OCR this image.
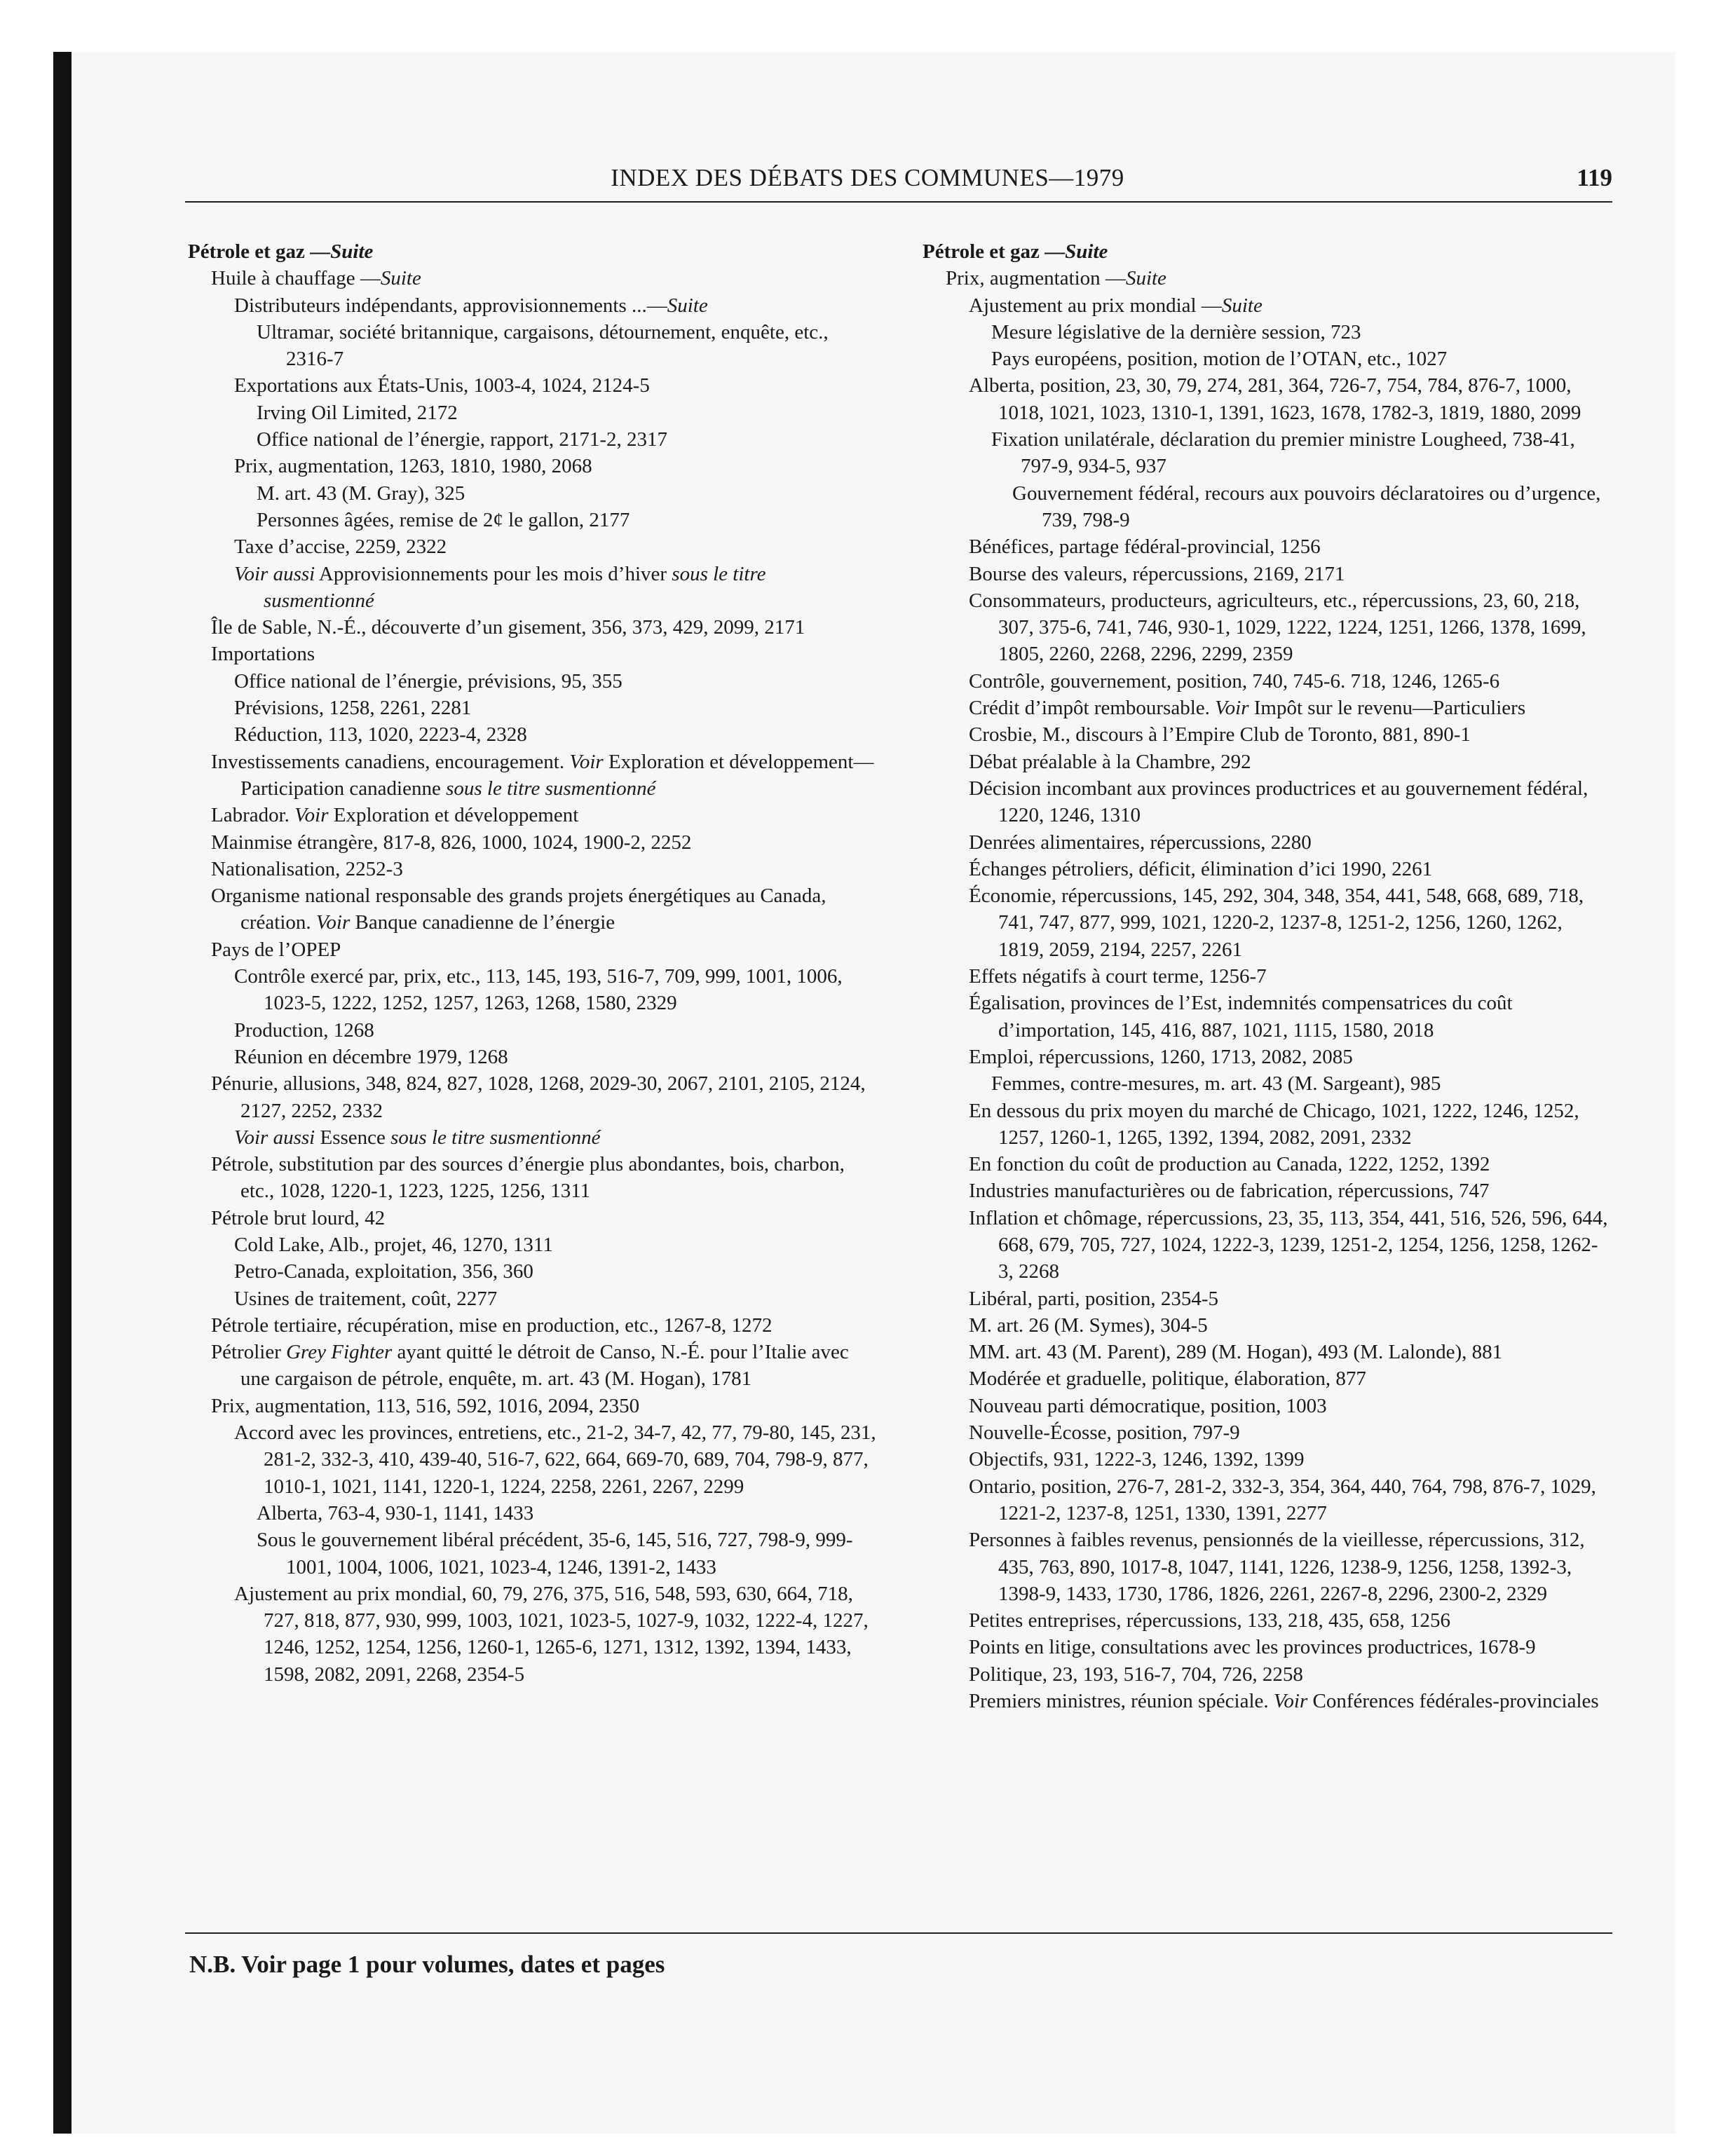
INDEX DES DÉBATS DES COMMUNES—1979	119
Pétrole et gaz —Suite
Huile à chauffage —Suite
Distributeurs indépendants, approvisionnements ...—Suite
Ultramar, société britannique, cargaisons, détournement, enquête, etc., 2316-7
Exportations aux États-Unis, 1003-4, 1024, 2124-5
Irving Oil Limited, 2172
Office national de l’énergie, rapport, 2171-2, 2317
Prix, augmentation, 1263, 1810, 1980, 2068
M. art. 43 (M. Gray), 325
Personnes âgées, remise de 2¢ le gallon, 2177
Taxe d’accise, 2259, 2322
Voir aussi Approvisionnements pour les mois d’hiver sous le titre susmentionné
Île de Sable, N.-É., découverte d’un gisement, 356, 373, 429, 2099, 2171
Importations
Office national de l’énergie, prévisions, 95, 355
Prévisions, 1258, 2261, 2281
Réduction, 113, 1020, 2223-4, 2328
Investissements canadiens, encouragement. Voir Exploration et développement—Participation canadienne sous le titre susmentionné
Labrador. Voir Exploration et développement
Mainmise étrangère, 817-8, 826, 1000, 1024, 1900-2, 2252
Nationalisation, 2252-3
Organisme national responsable des grands projets énergétiques au Canada, création. Voir Banque canadienne de l’énergie
Pays de l’OPEP
Contrôle exercé par, prix, etc., 113, 145, 193, 516-7, 709, 999, 1001, 1006, 1023-5, 1222, 1252, 1257, 1263, 1268, 1580, 2329
Production, 1268
Réunion en décembre 1979, 1268
Pénurie, allusions, 348, 824, 827, 1028, 1268, 2029-30, 2067, 2101, 2105, 2124, 2127, 2252, 2332
Voir aussi Essence sous le titre susmentionné
Pétrole, substitution par des sources d’énergie plus abondantes, bois, charbon, etc., 1028, 1220-1, 1223, 1225, 1256, 1311
Pétrole brut lourd, 42
Cold Lake, Alb., projet, 46, 1270, 1311
Petro-Canada, exploitation, 356, 360
Usines de traitement, coût, 2277
Pétrole tertiaire, récupération, mise en production, etc., 1267-8, 1272
Pétrolier Grey Fighter ayant quitté le détroit de Canso, N.-É. pour l’Italie avec une cargaison de pétrole, enquête, m. art. 43 (M. Hogan), 1781
Prix, augmentation, 113, 516, 592, 1016, 2094, 2350
Accord avec les provinces, entretiens, etc., 21-2, 34-7, 42, 77, 79-80, 145, 231, 281-2, 332-3, 410, 439-40, 516-7, 622, 664, 669-70, 689, 704, 798-9, 877, 1010-1, 1021, 1141, 1220-1, 1224, 2258, 2261, 2267, 2299
Alberta, 763-4, 930-1, 1141, 1433
Sous le gouvernement libéral précédent, 35-6, 145, 516, 727, 798-9, 999-1001, 1004, 1006, 1021, 1023-4, 1246, 1391-2, 1433
Ajustement au prix mondial, 60, 79, 276, 375, 516, 548, 593, 630, 664, 718, 727, 818, 877, 930, 999, 1003, 1021, 1023-5, 1027-9, 1032, 1222-4, 1227, 1246, 1252, 1254, 1256, 1260-1, 1265-6, 1271, 1312, 1392, 1394, 1433, 1598, 2082, 2091, 2268, 2354-5
Pétrole et gaz —Suite
Prix, augmentation —Suite
Ajustement au prix mondial —Suite
Mesure législative de la dernière session, 723
Pays européens, position, motion de l’OTAN, etc., 1027
Alberta, position, 23, 30, 79, 274, 281, 364, 726-7, 754, 784, 876-7, 1000, 1018, 1021, 1023, 1310-1, 1391, 1623, 1678, 1782-3, 1819, 1880, 2099
Fixation unilatérale, déclaration du premier ministre Lougheed, 738-41, 797-9, 934-5, 937
Gouvernement fédéral, recours aux pouvoirs déclaratoires ou d’urgence, 739, 798-9
Bénéfices, partage fédéral-provincial, 1256
Bourse des valeurs, répercussions, 2169, 2171
Consommateurs, producteurs, agriculteurs, etc., répercussions, 23, 60, 218, 307, 375-6, 741, 746, 930-1, 1029, 1222, 1224, 1251, 1266, 1378, 1699, 1805, 2260, 2268, 2296, 2299, 2359
Contrôle, gouvernement, position, 740, 745-6. 718, 1246, 1265-6
Crédit d’impôt remboursable. Voir Impôt sur le revenu—Particuliers
Crosbie, M., discours à l’Empire Club de Toronto, 881, 890-1
Débat préalable à la Chambre, 292
Décision incombant aux provinces productrices et au gouvernement fédéral, 1220, 1246, 1310
Denrées alimentaires, répercussions, 2280
Échanges pétroliers, déficit, élimination d’ici 1990, 2261
Économie, répercussions, 145, 292, 304, 348, 354, 441, 548, 668, 689, 718, 741, 747, 877, 999, 1021, 1220-2, 1237-8, 1251-2, 1256, 1260, 1262, 1819, 2059, 2194, 2257, 2261
Effets négatifs à court terme, 1256-7
Égalisation, provinces de l’Est, indemnités compensatrices du coût d’importation, 145, 416, 887, 1021, 1115, 1580, 2018
Emploi, répercussions, 1260, 1713, 2082, 2085
Femmes, contre-mesures, m. art. 43 (M. Sargeant), 985
En dessous du prix moyen du marché de Chicago, 1021, 1222, 1246, 1252, 1257, 1260-1, 1265, 1392, 1394, 2082, 2091, 2332
En fonction du coût de production au Canada, 1222, 1252, 1392
Industries manufacturières ou de fabrication, répercussions, 747
Inflation et chômage, répercussions, 23, 35, 113, 354, 441, 516, 526, 596, 644, 668, 679, 705, 727, 1024, 1222-3, 1239, 1251-2, 1254, 1256, 1258, 1262-3, 2268
Libéral, parti, position, 2354-5
M. art. 26 (M. Symes), 304-5
MM. art. 43 (M. Parent), 289 (M. Hogan), 493 (M. Lalonde), 881
Modérée et graduelle, politique, élaboration, 877
Nouveau parti démocratique, position, 1003
Nouvelle-Écosse, position, 797-9
Objectifs, 931, 1222-3, 1246, 1392, 1399
Ontario, position, 276-7, 281-2, 332-3, 354, 364, 440, 764, 798, 876-7, 1029, 1221-2, 1237-8, 1251, 1330, 1391, 2277
Personnes à faibles revenus, pensionnés de la vieillesse, répercussions, 312, 435, 763, 890, 1017-8, 1047, 1141, 1226, 1238-9, 1256, 1258, 1392-3, 1398-9, 1433, 1730, 1786, 1826, 2261, 2267-8, 2296, 2300-2, 2329
Petites entreprises, répercussions, 133, 218, 435, 658, 1256
Points en litige, consultations avec les provinces productrices, 1678-9
Politique, 23, 193, 516-7, 704, 726, 2258
Premiers ministres, réunion spéciale. Voir Conférences fédérales-provinciales
N.B. Voir page 1 pour volumes, dates et pages
